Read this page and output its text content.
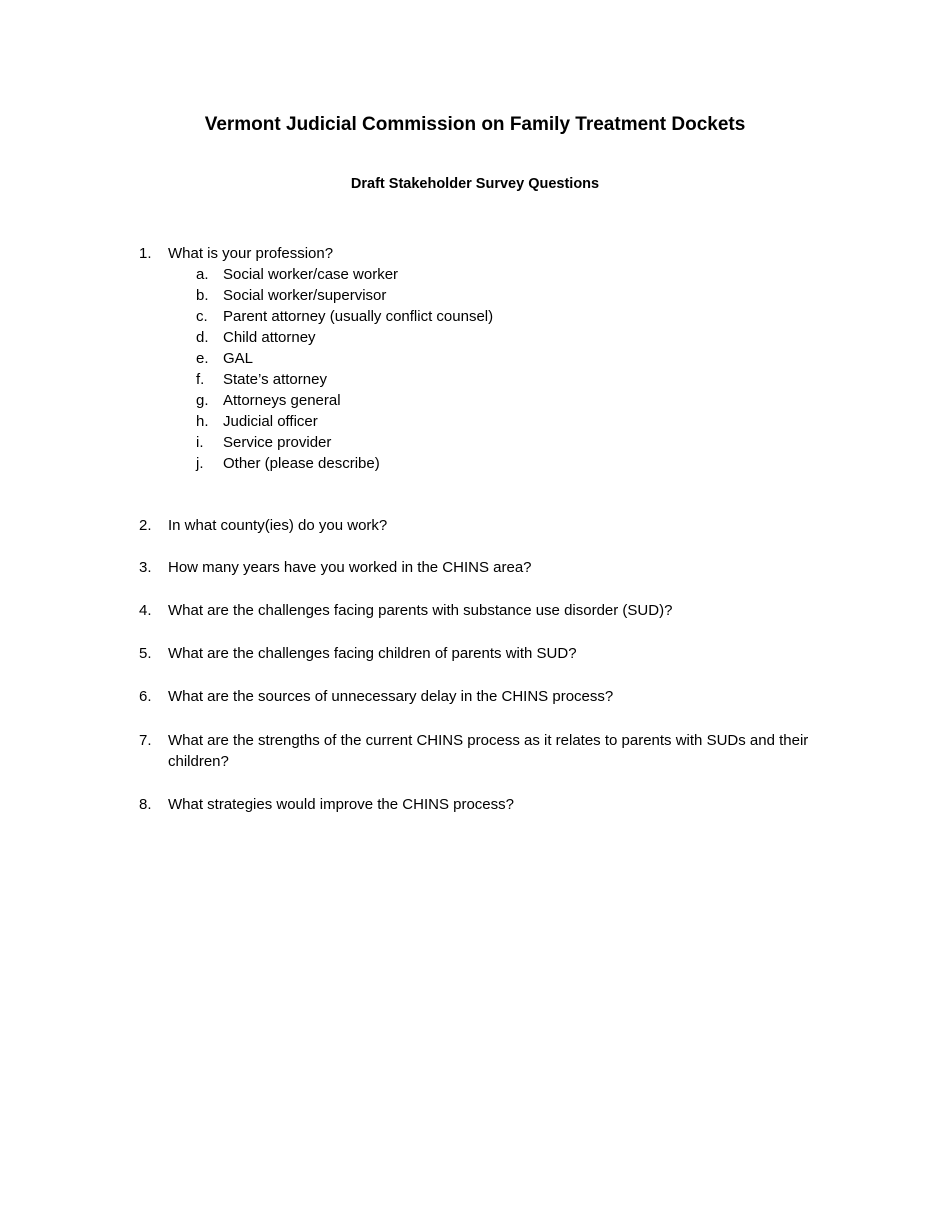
Vermont Judicial Commission on Family Treatment Dockets
Draft Stakeholder Survey Questions
1.	What is your profession?
a. Social worker/case worker
b. Social worker/supervisor
c.	Parent attorney (usually conflict counsel)
d. Child attorney
e. GAL
f.	State’s attorney
g. Attorneys general
h. Judicial officer
i.	Service provider
j.	Other (please describe)
2.	In what county(ies) do you work?
3.	How many years have you worked in the CHINS area?
4.	What are the challenges facing parents with substance use disorder (SUD)?
5.	What are the challenges facing children of parents with SUD?
6.	What are the sources of unnecessary delay in the CHINS process?
7.	What are the strengths of the current CHINS process as it relates to parents with SUDs and their children?
8.	What strategies would improve the CHINS process?
